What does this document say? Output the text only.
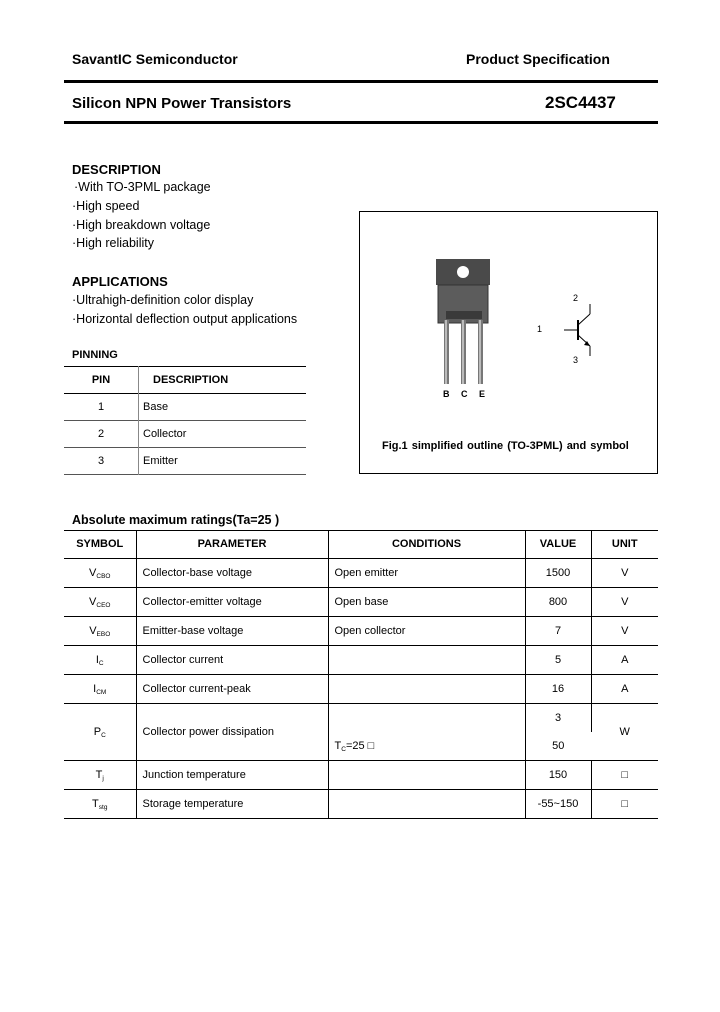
SavantIC Semiconductor	Product Specification
Silicon NPN Power Transistors	2SC4437
DESCRIPTION
·With TO-3PML package
·High speed
·High breakdown voltage
·High reliability
APPLICATIONS
·Ultrahigh-definition color display
·Horizontal deflection output applications
PINNING
PIN	DESCRIPTION
1	Base
2	Collector
3	Emitter
B C E
1
2
3
Fig.1 simplified outline (TO-3PML) and symbol
Absolute maximum ratings(Ta=25 )
SYMBOL	PARAMETER	CONDITIONS	VALUE	UNIT
$V_{CBO}$	Collector-base voltage	Open emitter	1500	V
$V_{CEO}$	Collector-emitter voltage	Open base	800	V
$V_{EBO}$	Emitter-base voltage	Open collector	7	V
$I_C$	Collector current		5	A
$I_{CM}$	Collector current-peak		16	A
$P_C$	Collector power dissipation		3	W
		$T_C=25$ □	50	
$T_j$	Junction temperature		150	□
$T_{stg}$	Storage temperature		-55~150	□
